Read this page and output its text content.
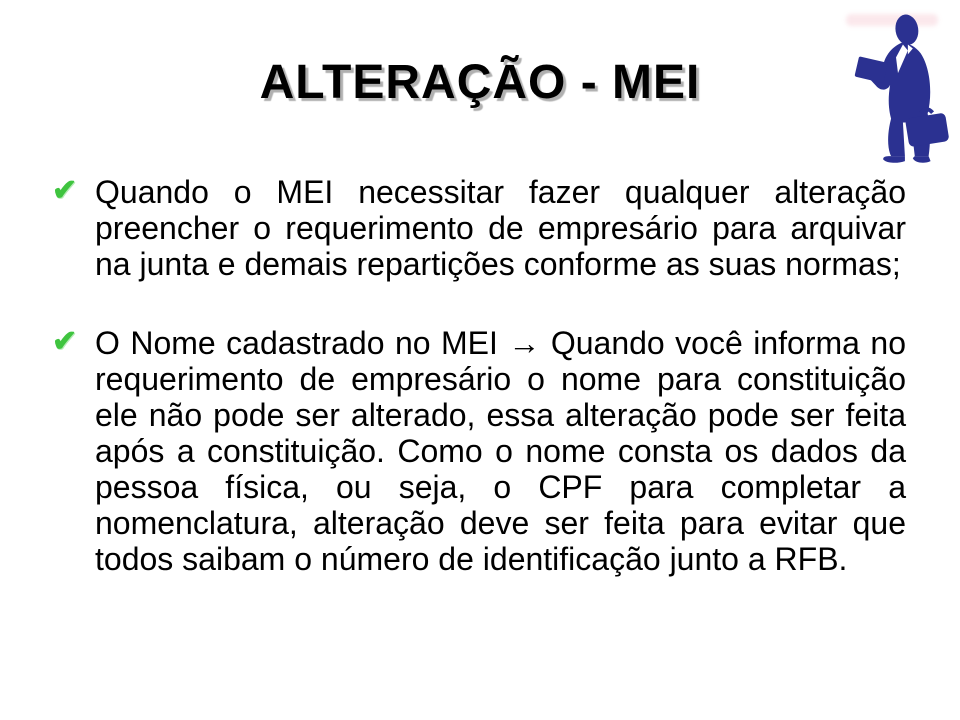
ALTERAÇÃO - MEI
✔ Quando o MEI necessitar fazer qualquer alteração preencher o requerimento de empresário para arquivar na junta e demais repartições conforme as suas normas;
✔ O Nome cadastrado no MEI → Quando você informa no requerimento de empresário o nome para constituição ele não pode ser alterado, essa alteração pode ser feita após a constituição. Como o nome consta os dados da pessoa física, ou seja, o CPF para completar a nomenclatura, alteração deve ser feita para evitar que todos saibam o número de identificação junto a RFB.
